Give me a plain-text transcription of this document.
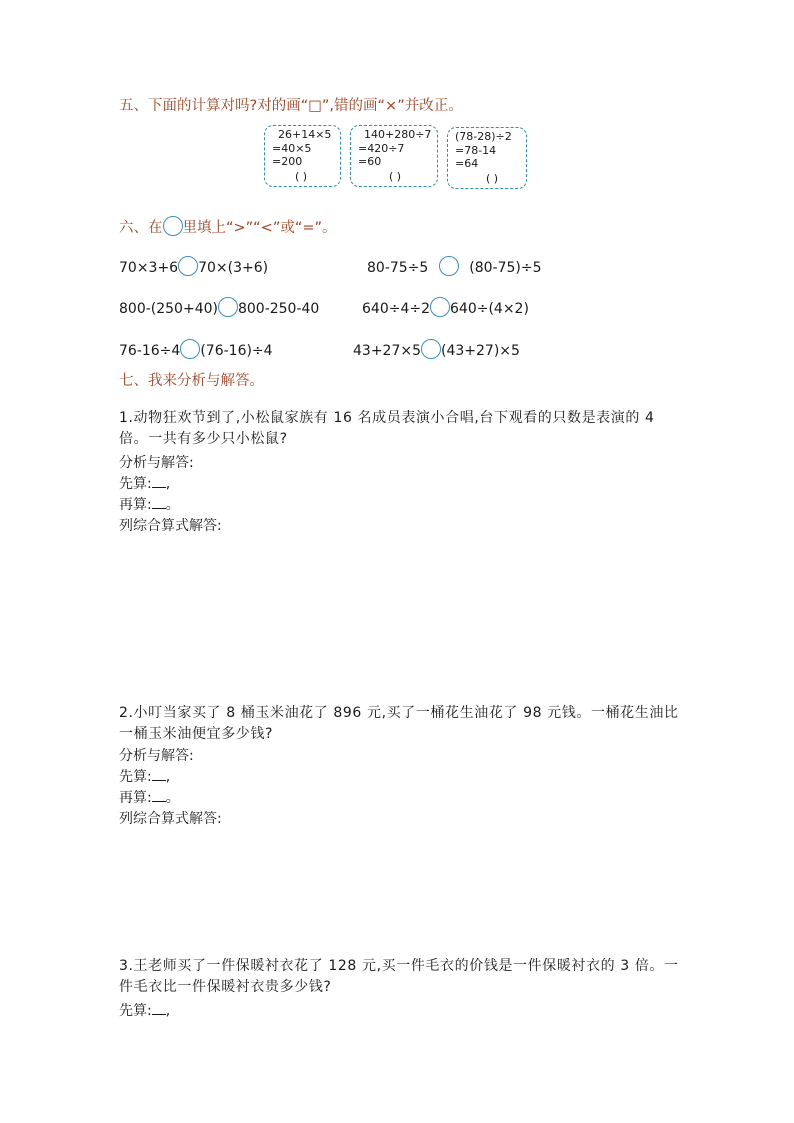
五、下面的计算对吗?对的画“□”,错的画“×”并改正。
26+14×5
=40×5
=200
( )
140+280÷7
=420÷7
=60
( )
(78-28)÷2
=78-14
=64
( )
六、在 里填上“>”“<”或“=”。
70×3+6 70×(3+6)	80-75÷5	(80-75)÷5
800-(250+40) 800-250-40	640÷4÷2 640÷(4×2)
76-16÷4 (76-16)÷4	43+27×5 (43+27)×5
七、我来分析与解答。
1.动物狂欢节到了,小松鼠家族有 16 名成员表演小合唱,台下观看的只数是表演的 4 倍。一共有多少只小松鼠?
分析与解答:
先算: ,
再算: 。
列综合算式解答:
2.小叮当家买了 8 桶玉米油花了 896 元,买了一桶花生油花了 98 元钱。一桶花生油比一桶玉米油便宜多少钱?
分析与解答:
先算: ,
再算: 。
列综合算式解答:
3.王老师买了一件保暖衬衣花了 128 元,买一件毛衣的价钱是一件保暖衬衣的 3 倍。一件毛衣比一件保暖衬衣贵多少钱?
先算: ,
